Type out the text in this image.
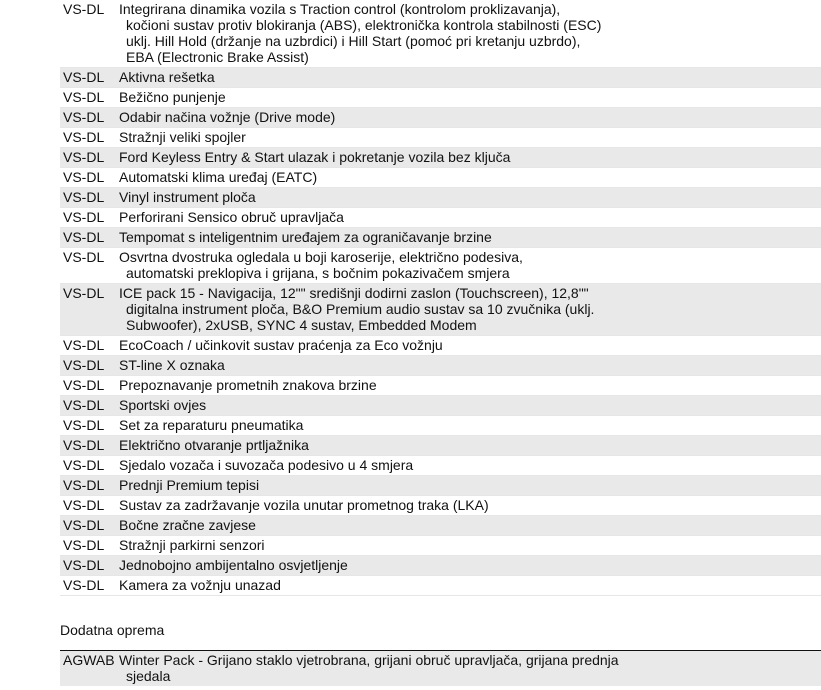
VS-DL	Integrirana dinamika vozila s Traction control (kontrolom proklizavanja),
kočioni sustav protiv blokiranja (ABS), elektronička kontrola stabilnosti (ESC)
uklj. Hill Hold (držanje na uzbrdici) i Hill Start (pomoć pri kretanju uzbrdo),
EBA (Electronic Brake Assist)
VS-DL	Aktivna rešetka
VS-DL	Bežično punjenje
VS-DL	Odabir načina vožnje (Drive mode)
VS-DL	Stražnji veliki spojler
VS-DL	Ford Keyless Entry & Start ulazak i pokretanje vozila bez ključa
VS-DL	Automatski klima uređaj (EATC)
VS-DL	Vinyl instrument ploča
VS-DL	Perforirani Sensico obruč upravljača
VS-DL	Tempomat s inteligentnim uređajem za ograničavanje brzine
VS-DL	Osvrtna dvostruka ogledala u boji karoserije, električno podesiva,
automatski preklopiva i grijana, s bočnim pokazivačem smjera
VS-DL	ICE pack 15 - Navigacija, 12"" središnji dodirni zaslon (Touchscreen), 12,8""
digitalna instrument ploča, B&O Premium audio sustav sa 10 zvučnika (uklj.
Subwoofer), 2xUSB, SYNC 4 sustav, Embedded Modem
VS-DL	EcoCoach / učinkovit sustav praćenja za Eco vožnju
VS-DL	ST-line X oznaka
VS-DL	Prepoznavanje prometnih znakova brzine
VS-DL	Sportski ovjes
VS-DL	Set za reparaturu pneumatika
VS-DL	Električno otvaranje prtljažnika
VS-DL	Sjedalo vozača i suvozača podesivo u 4 smjera
VS-DL	Prednji Premium tepisi
VS-DL	Sustav za zadržavanje vozila unutar prometnog traka (LKA)
VS-DL	Bočne zračne zavjese
VS-DL	Stražnji parkirni senzori
VS-DL	Jednobojno ambijentalno osvjetljenje
VS-DL	Kamera za vožnju unazad
Dodatna oprema
AGWAB Winter Pack - Grijano staklo vjetrobrana, grijani obruč upravljača, grijana prednja
sjedala
